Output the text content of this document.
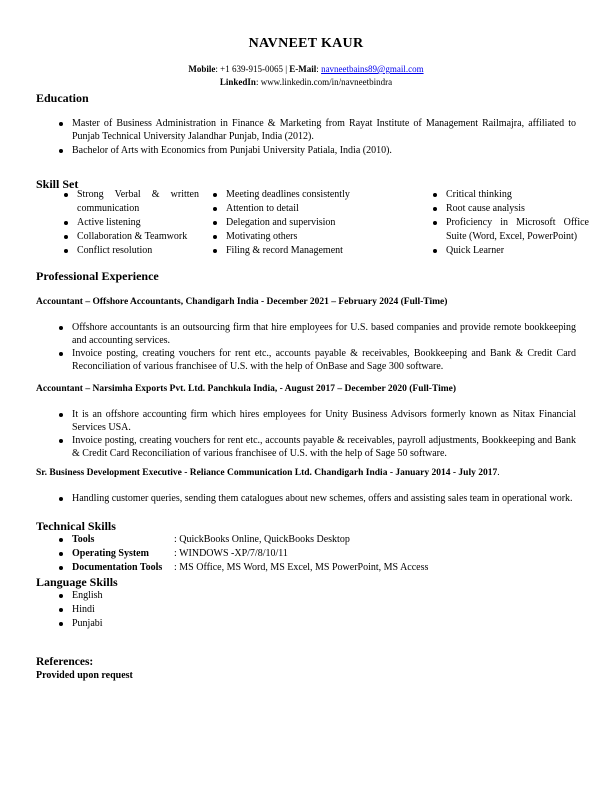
NAVNEET KAUR
Mobile: +1 639-915-0065 | E-Mail: navneetbains89@gmail.com
LinkedIn: www.linkedin.com/in/navneetbindra
Education
Master of Business Administration in Finance & Marketing from Rayat Institute of Management Railmajra, affiliated to Punjab Technical University Jalandhar Punjab, India (2012).
Bachelor of Arts with Economics from Punjabi University Patiala, India (2010).
Skill Set
Strong Verbal & written communication
Active listening
Collaboration & Teamwork
Conflict resolution
Meeting deadlines consistently
Attention to detail
Delegation and supervision
Motivating others
Filing & record Management
Critical thinking
Root cause analysis
Proficiency in Microsoft Office Suite (Word, Excel, PowerPoint)
Quick Learner
Professional Experience
Accountant – Offshore Accountants, Chandigarh India - December 2021 – February 2024 (Full-Time)
Offshore accountants is an outsourcing firm that hire employees for U.S. based companies and provide remote bookkeeping and accounting services.
Invoice posting, creating vouchers for rent etc., accounts payable & receivables, Bookkeeping and Bank & Credit Card Reconciliation of various franchisee of U.S. with the help of OnBase and Sage 300 software.
Accountant – Narsimha Exports Pvt. Ltd. Panchkula India, - August 2017 – December 2020 (Full-Time)
It is an offshore accounting firm which hires employees for Unity Business Advisors formerly known as Nitax Financial Services USA.
Invoice posting, creating vouchers for rent etc., accounts payable & receivables, payroll adjustments, Bookkeeping and Bank & Credit Card Reconciliation of various franchisee of U.S. with the help of Sage 50 software.
Sr. Business Development Executive - Reliance Communication Ltd. Chandigarh India - January 2014 - July 2017.
Handling customer queries, sending them catalogues about new schemes, offers and assisting sales team in operational work.
Technical Skills
Tools	: QuickBooks Online, QuickBooks Desktop
Operating System	: WINDOWS -XP/7/8/10/11
Documentation Tools : MS Office, MS Word, MS Excel, MS PowerPoint, MS Access
Language Skills
English
Hindi
Punjabi
References:
Provided upon request
